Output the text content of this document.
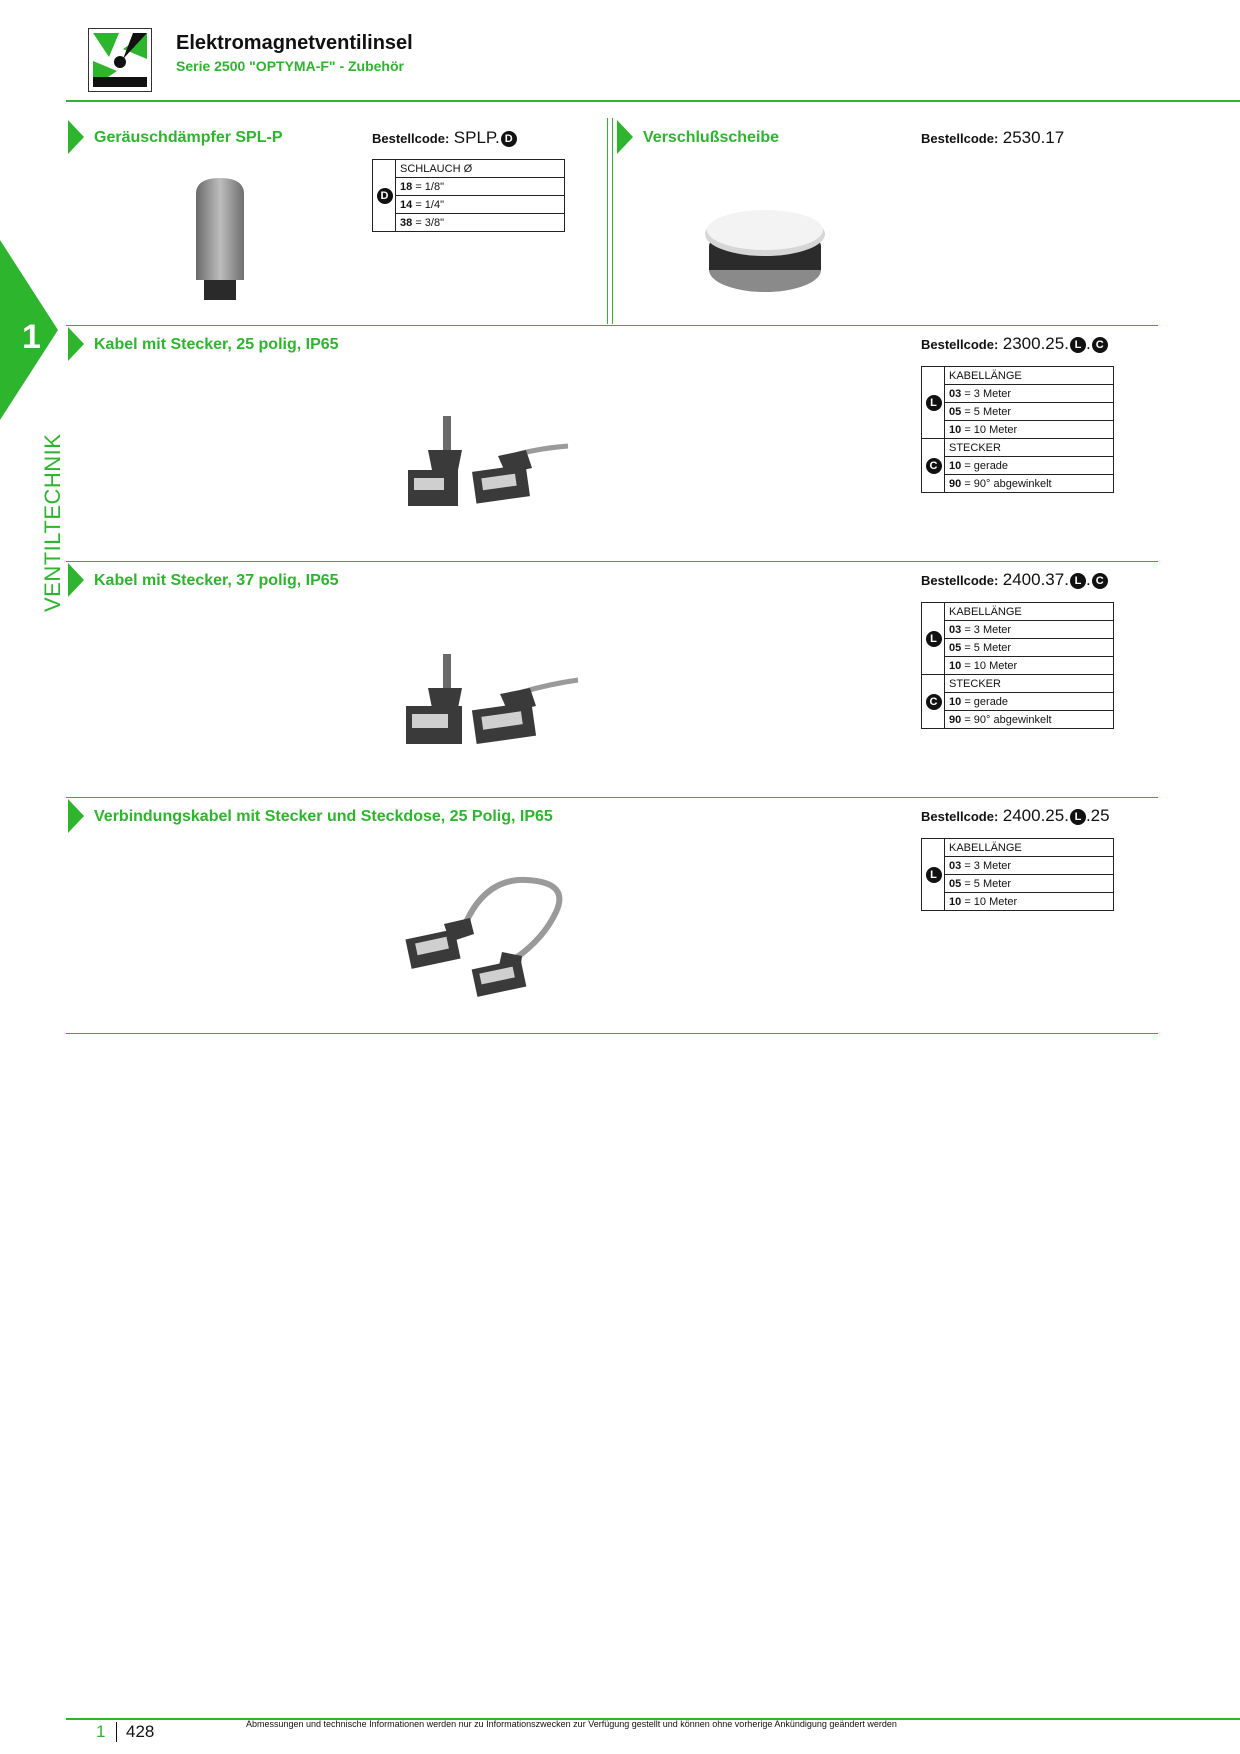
Elektromagnetventilinsel
Serie 2500 "OPTYMA-F" - Zubehör
1
VENTILTECHNIK
Geräuschdämpfer SPL-P	Bestellcode: SPLP. D
D	SCHLAUCH Ø
18 = 1/8"
14 = 1/4"
38 = 3/8"
Verschlußscheibe	Bestellcode: 2530.17
Kabel mit Stecker, 25 polig, IP65	Bestellcode: 2300.25. L . C
L	KABELLÄNGE
	03 = 3 Meter
	05 = 5 Meter
	10 = 10 Meter
C	STECKER
	10 = gerade
	90 = 90° abgewinkelt
Kabel mit Stecker, 37 polig, IP65	Bestellcode: 2400.37. L . C
L	KABELLÄNGE
	03 = 3 Meter
	05 = 5 Meter
	10 = 10 Meter
C	STECKER
	10 = gerade
	90 = 90° abgewinkelt
Verbindungskabel mit Stecker und Steckdose, 25 Polig, IP65	Bestellcode: 2400.25. L .25
L	KABELLÄNGE
03 = 3 Meter
05 = 5 Meter
10 = 10 Meter
1 428	Abmessungen und technische Informationen werden nur zu Informationszwecken zur Verfügung gestellt und können ohne vorherige Ankündigung geändert werden
